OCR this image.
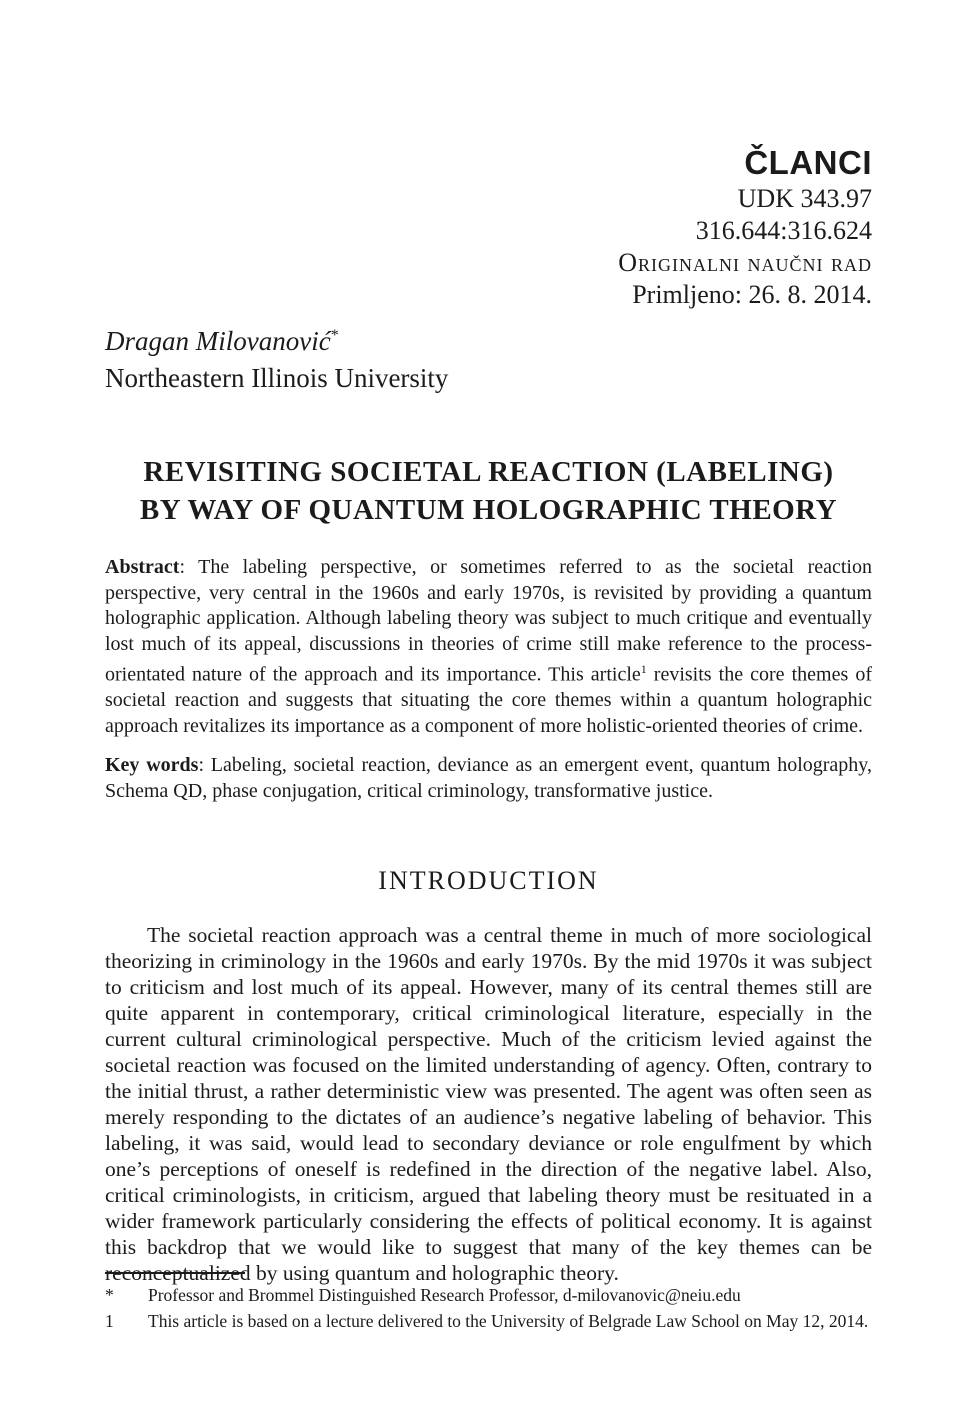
ČLANCI
UDK 343.97
316.644:316.624
Originalni naučni rad
Primljeno: 26. 8. 2014.
Dragan Milovanović*
Northeastern Illinois University
REVISITING SOCIETAL REACTION (LABELING)
BY WAY OF QUANTUM HOLOGRAPHIC THEORY

Abstract: The labeling perspective, or sometimes referred to as the societal reaction perspective, very central in the 1960s and early 1970s, is revisited by providing a quantum holographic application. Although labeling theory was subject to much critique and eventually lost much of its appeal, discussions in theories of crime still make reference to the process-orientated nature of the approach and its importance. This article$^1$ revisits the core themes of societal reaction and suggests that situating the core themes within a quantum holographic approach revitalizes its importance as a component of more holistic-oriented theories of crime.

Key words: Labeling, societal reaction, deviance as an emergent event, quantum holography, Schema QD, phase conjugation, critical criminology, transformative justice.

INTRODUCTION

The societal reaction approach was a central theme in much of more sociological theorizing in criminology in the 1960s and early 1970s. By the mid 1970s it was subject to criticism and lost much of its appeal. However, many of its central themes still are quite apparent in contemporary, critical criminological literature, especially in the current cultural criminological perspective. Much of the criticism levied against the societal reaction was focused on the limited understanding of agency. Often, contrary to the initial thrust, a rather deterministic view was presented. The agent was often seen as merely responding to the dictates of an audience’s negative labeling of behavior. This labeling, it was said, would lead to secondary deviance or role engulfment by which one’s perceptions of oneself is redefined in the direction of the negative label. Also, critical criminologists, in criticism, argued that labeling theory must be resituated in a wider framework particularly considering the effects of political economy. It is against this backdrop that we would like to suggest that many of the key themes can be reconceptualized by using quantum and holographic theory.

*	Professor and Brommel Distinguished Research Professor, d-milovanovic@neiu.edu
1	This article is based on a lecture delivered to the University of Belgrade Law School on May 12, 2014.
